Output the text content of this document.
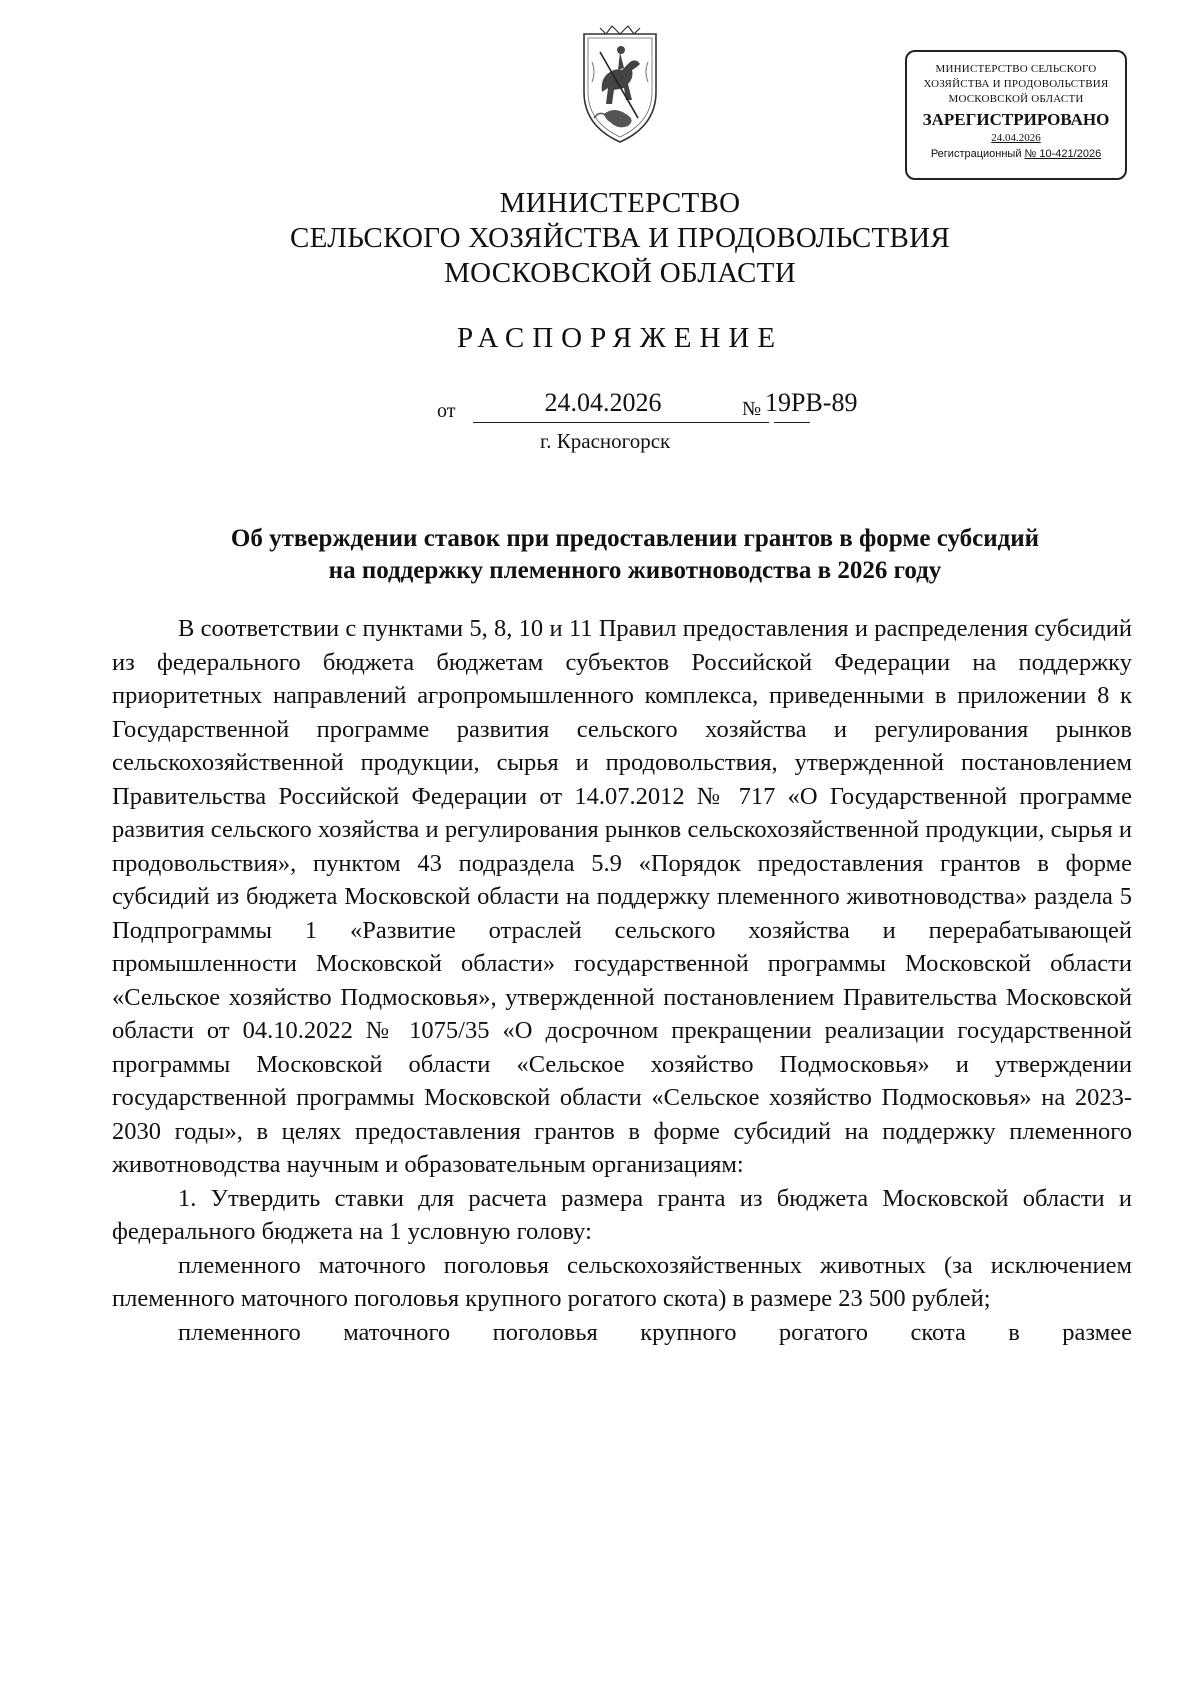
МИНИСТЕРСТВО СЕЛЬСКОГО
ХОЗЯЙСТВА И ПРОДОВОЛЬСТВИЯ
МОСКОВСКОЙ ОБЛАСТИ
ЗАРЕГИСТРИРОВАНО
24.04.2026
Регистрационный № 10-421/2026
МИНИСТЕРСТВО
СЕЛЬСКОГО ХОЗЯЙСТВА И ПРОДОВОЛЬСТВИЯ
МОСКОВСКОЙ ОБЛАСТИ
РАСПОРЯЖЕНИЕ
от	24.04.2026	№ 19РВ-89
г. Красногорск
Об утверждении ставок при предоставлении грантов в форме субсидий
на поддержку племенного животноводства в 2026 году

В соответствии с пунктами 5, 8, 10 и 11 Правил предоставления и распределения субсидий из федерального бюджета бюджетам субъектов Российской Федерации на поддержку приоритетных направлений агропромышленного комплекса, приведенными в приложении 8 к Государственной программе развития сельского хозяйства и регулирования рынков сельскохозяйственной продукции, сырья и продовольствия, утвержденной постановлением Правительства Российской Федерации от 14.07.2012 № 717 «О Государственной программе развития сельского хозяйства и регулирования рынков сельскохозяйственной продукции, сырья и продовольствия», пунктом 43 подраздела 5.9 «Порядок предоставления грантов в форме субсидий из бюджета Московской области на поддержку племенного животноводства» раздела 5 Подпрограммы 1 «Развитие отраслей сельского хозяйства и перерабатывающей промышленности Московской области» государственной программы Московской области «Сельское хозяйство Подмосковья», утвержденной постановлением Правительства Московской области от 04.10.2022 № 1075/35 «О досрочном прекращении реализации государственной программы Московской области «Сельское хозяйство Подмосковья» и утверждении государственной программы Московской области «Сельское хозяйство Подмосковья» на 2023-2030 годы», в целях предоставления грантов в форме субсидий на поддержку племенного животноводства научным и образовательным организациям:

1. Утвердить ставки для расчета размера гранта из бюджета Московской области и федерального бюджета на 1 условную голову:

племенного маточного поголовья сельскохозяйственных животных (за исключением племенного маточного поголовья крупного рогатого скота) в размере 23 500 рублей;

племенного маточного поголовья крупного рогатого скота в размее
